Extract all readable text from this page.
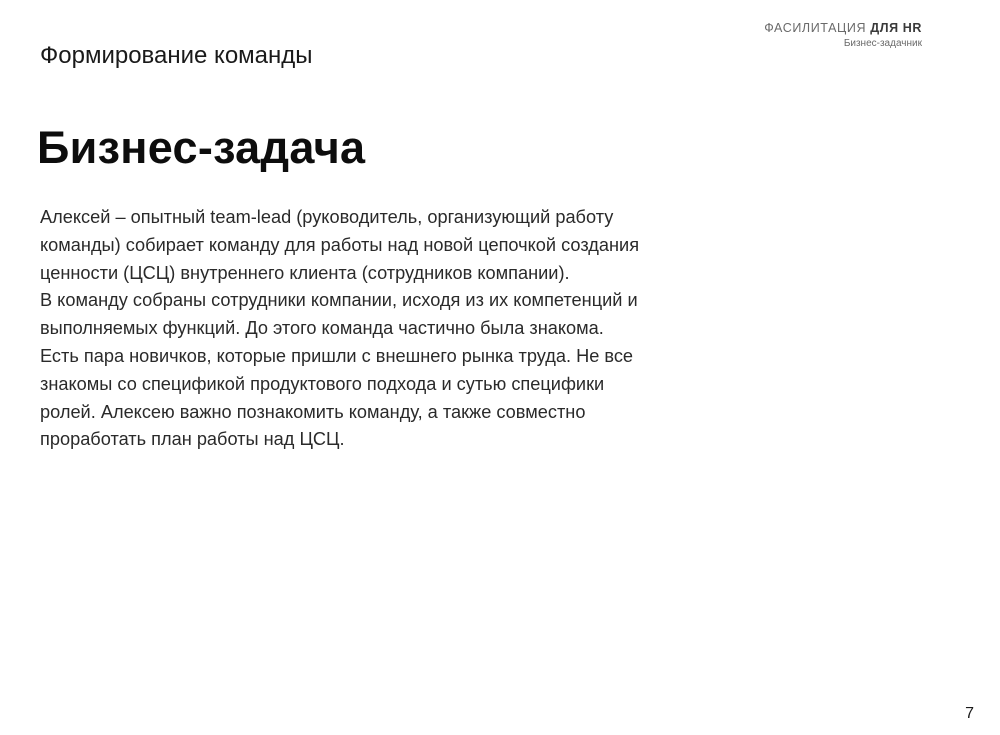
ФАСИЛИТАЦИЯ ДЛЯ HR
Бизнес-задачник
Формирование команды
Бизнес-задача

Алексей – опытный team-lead (руководитель, организующий работу команды) собирает команду для работы над новой цепочкой создания ценности (ЦСЦ) внутреннего клиента (сотрудников компании).

В команду собраны сотрудники компании, исходя из их компетенций и выполняемых функций. До этого команда частично была знакома. Есть пара новичков, которые пришли с внешнего рынка труда. Не все знакомы со спецификой продуктового подхода и сутью специфики ролей. Алексею важно познакомить команду, а также совместно проработать план работы над ЦСЦ.

7
